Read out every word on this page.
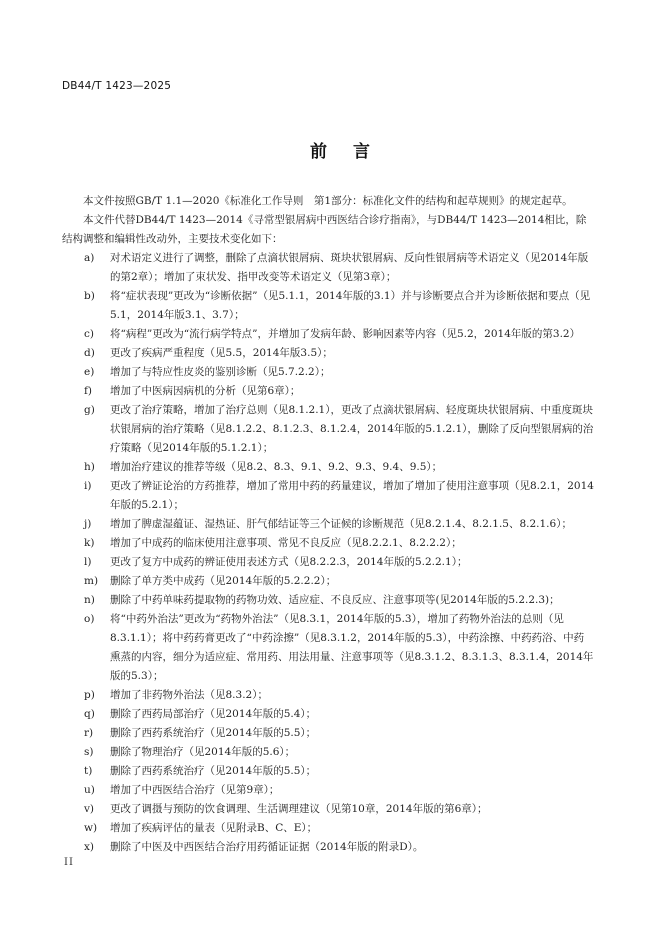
DB44/T 1423—2025
前言

本文件按照GB/T 1.1—2020《标准化工作导则　第1部分：标准化文件的结构和起草规则》的规定起草。

本文件代替DB44/T 1423—2014《寻常型银屑病中西医结合诊疗指南》，与DB44/T 1423—2014相比，除结构调整和编辑性改动外，主要技术变化如下：

a)	对术语定义进行了调整，删除了点滴状银屑病、斑块状银屑病、反向性银屑病等术语定义（见2014年版的第2章）；增加了束状发、指甲改变等术语定义（见第3章）；
b)	将“症状表现”更改为“诊断依据”（见5.1.1，2014年版的3.1）并与诊断要点合并为诊断依据和要点（见5.1，2014年版3.1、3.7）；
c)	将“病程”更改为“流行病学特点”，并增加了发病年龄、影响因素等内容（见5.2，2014年版的第3.2）
d)	更改了疾病严重程度（见5.5，2014年版3.5）；
e)	增加了与特应性皮炎的鉴别诊断（见5.7.2.2）；
f)	增加了中医病因病机的分析（见第6章）；
g)	更改了治疗策略，增加了治疗总则（见8.1.2.1），更改了点滴状银屑病、轻度斑块状银屑病、中重度斑块状银屑病的治疗策略（见8.1.2.2、8.1.2.3、8.1.2.4，2014年版的5.1.2.1），删除了反向型银屑病的治疗策略（见2014年版的5.1.2.1）；
h)	增加治疗建议的推荐等级（见8.2、8.3、9.1、9.2、9.3、9.4、9.5）；
i)	更改了辨证论治的方药推荐，增加了常用中药的药量建议，增加了增加了使用注意事项（见8.2.1，2014年版的5.2.1）；
j)	增加了脾虚湿蕴证、湿热证、肝气郁结证等三个证候的诊断规范（见8.2.1.4、8.2.1.5、8.2.1.6）；
k)	增加了中成药的临床使用注意事项、常见不良反应（见8.2.2.1、8.2.2.2）；
l)	更改了复方中成药的辨证使用表述方式（见8.2.2.3，2014年版的5.2.2.1）；
m)	删除了单方类中成药（见2014年版的5.2.2.2）；
n)	删除了中药单味药提取物的药物功效、适应症、不良反应、注意事项等(见2014年版的5.2.2.3)；
o)	将“中药外治法”更改为“药物外治法”（见8.3.1，2014年版的5.3），增加了药物外治法的总则（见8.3.1.1）；将中药药膏更改了“中药涂擦”（见8.3.1.2，2014年版的5.3），中药涂擦、中药药浴、中药熏蒸的内容，细分为适应症、常用药、用法用量、注意事项等（见8.3.1.2、8.3.1.3、8.3.1.4，2014年版的5.3）；
p)	增加了非药物外治法（见8.3.2）；
q)	删除了西药局部治疗（见2014年版的5.4）；
r)	删除了西药系统治疗（见2014年版的5.5）；
s)	删除了物理治疗（见2014年版的5.6）；
t)	删除了西药系统治疗（见2014年版的5.5）；
u)	增加了中西医结合治疗（见第9章）；
v)	更改了调摄与预防的饮食调理、生活调理建议（见第10章，2014年版的第6章）；
w)	增加了疾病评估的量表（见附录B、C、E）；
x)	删除了中医及中西医结合治疗用药循证证据（2014年版的附录D）。
II
